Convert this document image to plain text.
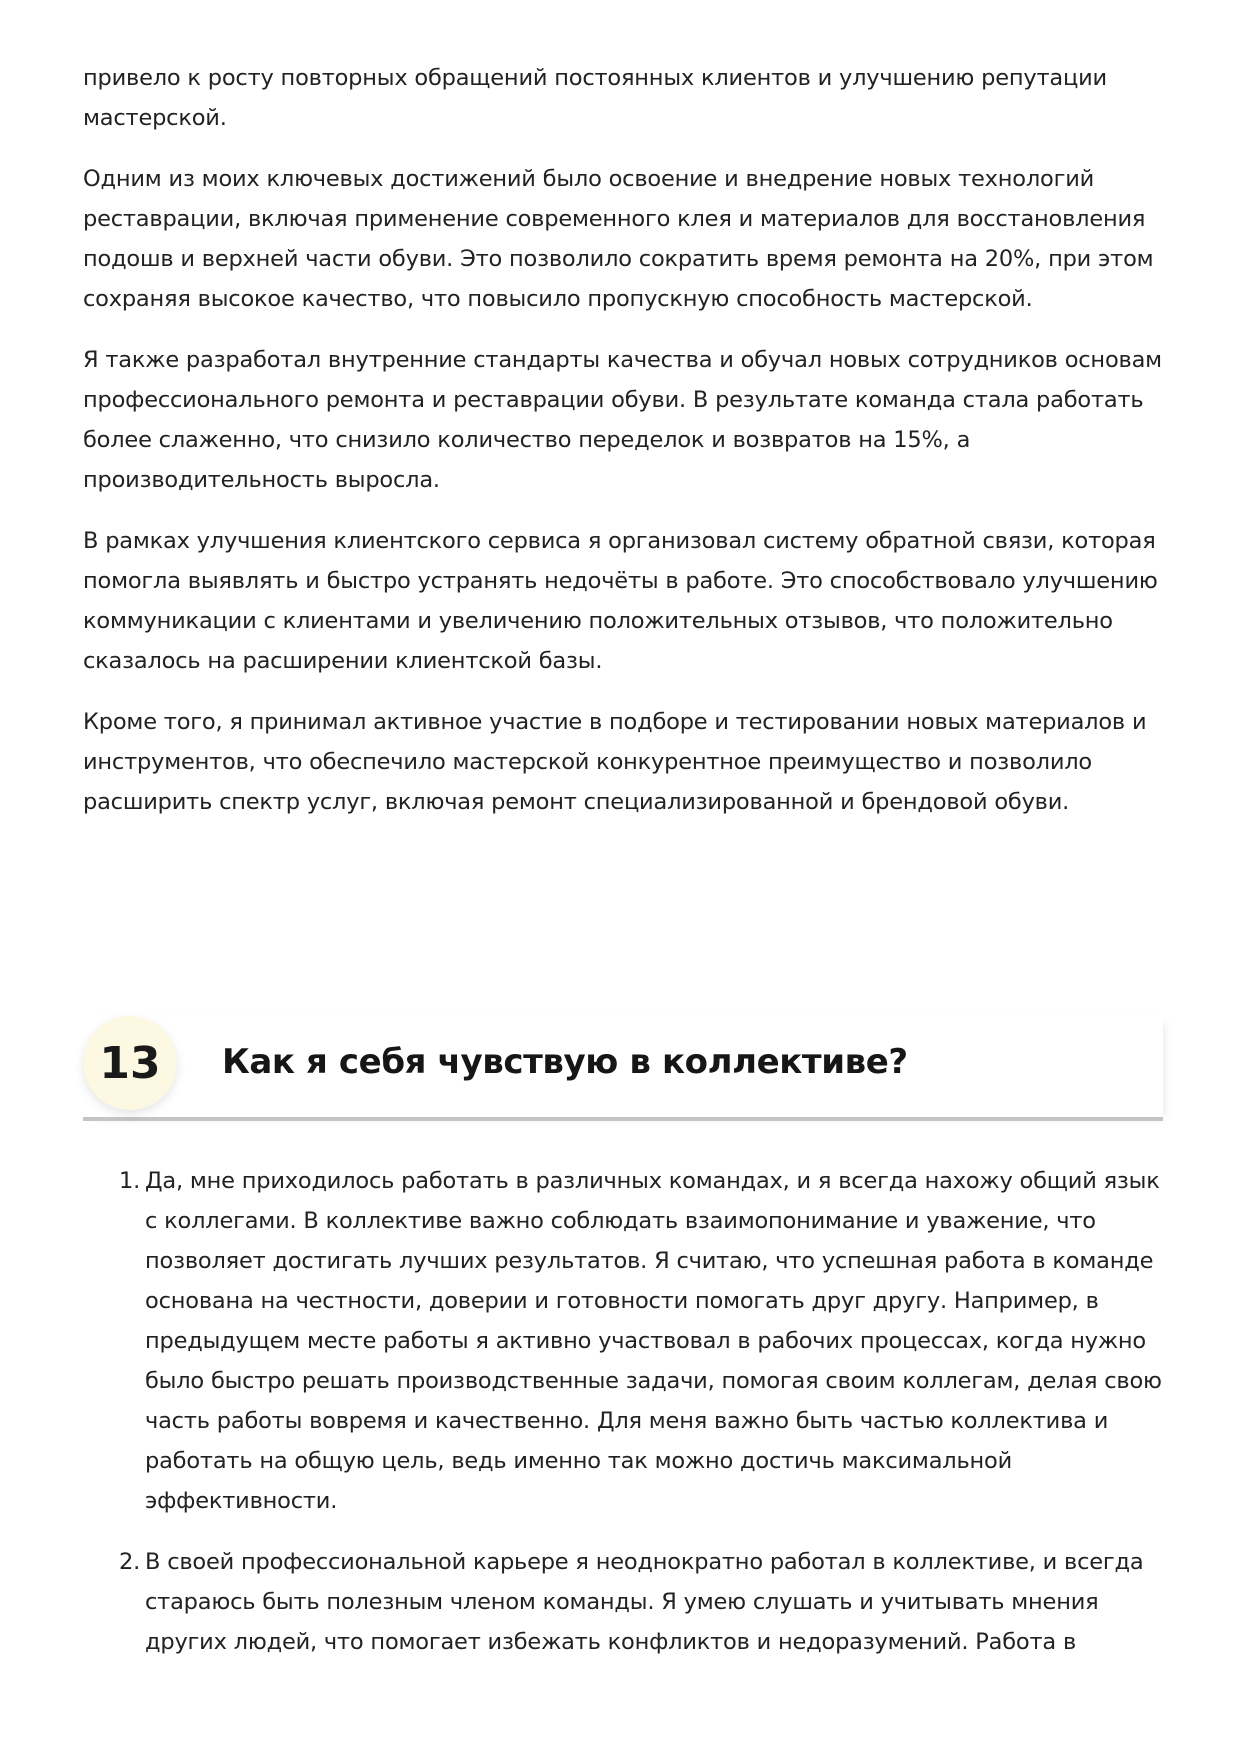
привело к росту повторных обращений постоянных клиентов и улучшению репутации мастерской.

Одним из моих ключевых достижений было освоение и внедрение новых технологий реставрации, включая применение современного клея и материалов для восстановления подошв и верхней части обуви. Это позволило сократить время ремонта на 20%, при этом сохраняя высокое качество, что повысило пропускную способность мастерской.

Я также разработал внутренние стандарты качества и обучал новых сотрудников основам профессионального ремонта и реставрации обуви. В результате команда стала работать более слаженно, что снизило количество переделок и возвратов на 15%, а производительность выросла.

В рамках улучшения клиентского сервиса я организовал систему обратной связи, которая помогла выявлять и быстро устранять недочёты в работе. Это способствовало улучшению коммуникации с клиентами и увеличению положительных отзывов, что положительно сказалось на расширении клиентской базы.

Кроме того, я принимал активное участие в подборе и тестировании новых материалов и инструментов, что обеспечило мастерской конкурентное преимущество и позволило расширить спектр услуг, включая ремонт специализированной и брендовой обуви.

13	Как я себя чувствую в коллективе?
1. Да, мне приходилось работать в различных командах, и я всегда нахожу общий язык с коллегами. В коллективе важно соблюдать взаимопонимание и уважение, что позволяет достигать лучших результатов. Я считаю, что успешная работа в команде основана на честности, доверии и готовности помогать друг другу. Например, в предыдущем месте работы я активно участвовал в рабочих процессах, когда нужно было быстро решать производственные задачи, помогая своим коллегам, делая свою часть работы вовремя и качественно. Для меня важно быть частью коллектива и работать на общую цель, ведь именно так можно достичь максимальной эффективности.
2. В своей профессиональной карьере я неоднократно работал в коллективе, и всегда стараюсь быть полезным членом команды. Я умею слушать и учитывать мнения других людей, что помогает избежать конфликтов и недоразумений. Работа в
